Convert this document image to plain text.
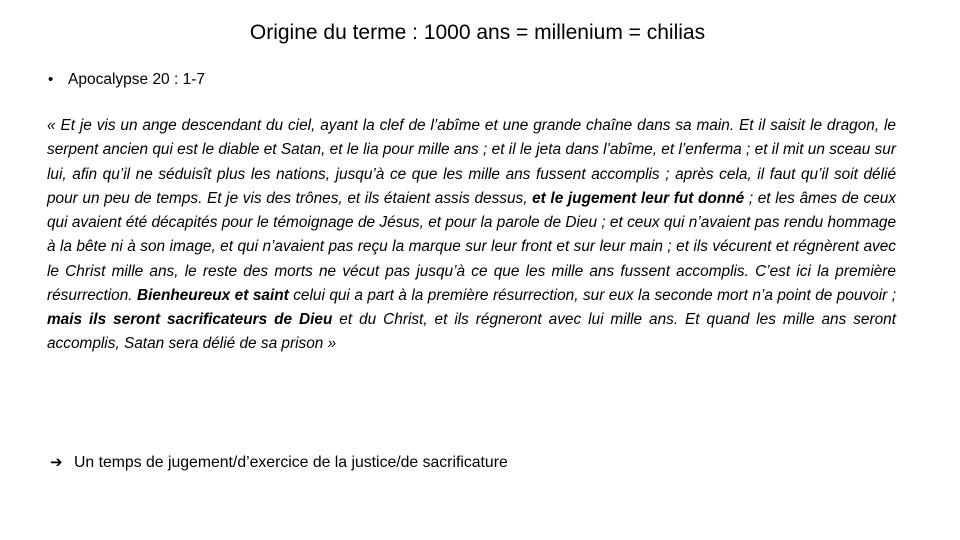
Origine du terme : 1000 ans = millenium = chilias
• Apocalypse 20 : 1-7

« Et je vis un ange descendant du ciel, ayant la clef de l’abîme et une grande chaîne dans sa main. Et il saisit le dragon, le serpent ancien qui est le diable et Satan, et le lia pour mille ans ; et il le jeta dans l’abîme, et l’enferma ; et il mit un sceau sur lui, afin qu’il ne séduisît plus les nations, jusqu’à ce que les mille ans fussent accomplis ; après cela, il faut qu’il soit délié pour un peu de temps. Et je vis des trônes, et ils étaient assis dessus, et le jugement leur fut donné ; et les âmes de ceux qui avaient été décapités pour le témoignage de Jésus, et pour la parole de Dieu ; et ceux qui n’avaient pas rendu hommage à la bête ni à son image, et qui n’avaient pas reçu la marque sur leur front et sur leur main ; et ils vécurent et régnèrent avec le Christ mille ans, le reste des morts ne vécut pas jusqu’à ce que les mille ans fussent accomplis. C’est ici la première résurrection. Bienheureux et saint celui qui a part à la première résurrection, sur eux la seconde mort n’a point de pouvoir ; mais ils seront sacrificateurs de Dieu et du Christ, et ils régneront avec lui mille ans. Et quand les mille ans seront accomplis, Satan sera délié de sa prison »

➔ Un temps de jugement/d’exercice de la justice/de sacrificature
